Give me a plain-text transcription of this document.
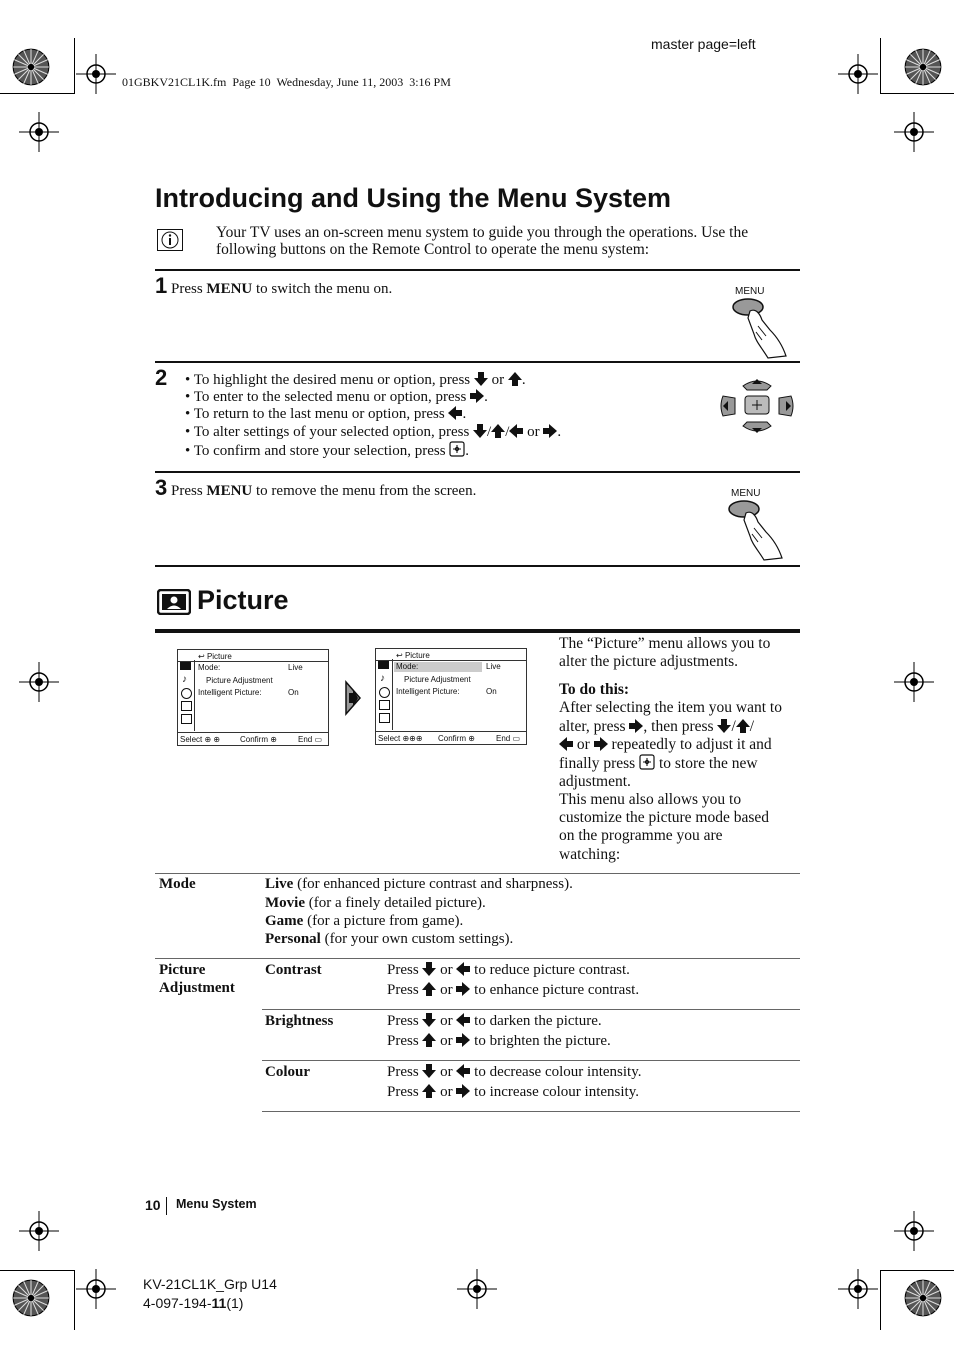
master page=left
01GBKV21CL1K.fm  Page 10  Wednesday, June 11, 2003  3:16 PM
Introducing and Using the Menu System
Your TV uses an on-screen menu system to guide you through the operations. Use the following buttons on the Remote Control to operate the menu system:
1 Press MENU to switch the menu on.	MENU
2 • To highlight the desired menu or option, press or .
• To enter to the selected menu or option, press .
• To return to the last menu or option, press .
• To alter settings of your selected option, press / / or .
• To confirm and store your selection, press .
3 Press MENU to remove the menu from the screen.	MENU
Picture
↩ Picture
♪
Mode:	Live
Picture Adjustment
Intelligent Picture:	On
Select ⊕ ⊕ Confirm ⊕	End ▭
↩ Picture
♪
Mode:	Live
Picture Adjustment
Intelligent Picture:	On
Select ⊕⊕⊕ Confirm ⊕	End ▭
The “Picture” menu allows you to alter the picture adjustments.
To do this:
After selecting the item you want to
alter, press , then press / /
or repeatedly to adjust it and
finally press to store the new
adjustment.
This menu also allows you to
customize the picture mode based
on the programme you are
watching:
Mode	Live (for enhanced picture contrast and sharpness).
Movie (for a finely detailed picture).
Game (for a picture from game).
Personal (for your own custom settings).
Picture
Adjustment
Contrast	Press or to reduce picture contrast.
Press or to enhance picture contrast.
Brightness	Press or to darken the picture.
Press or to brighten the picture.
Colour	Press or to decrease colour intensity.
Press or to increase colour intensity.
10 Menu System
KV-21CL1K_Grp U14
4-097-194-11(1)
